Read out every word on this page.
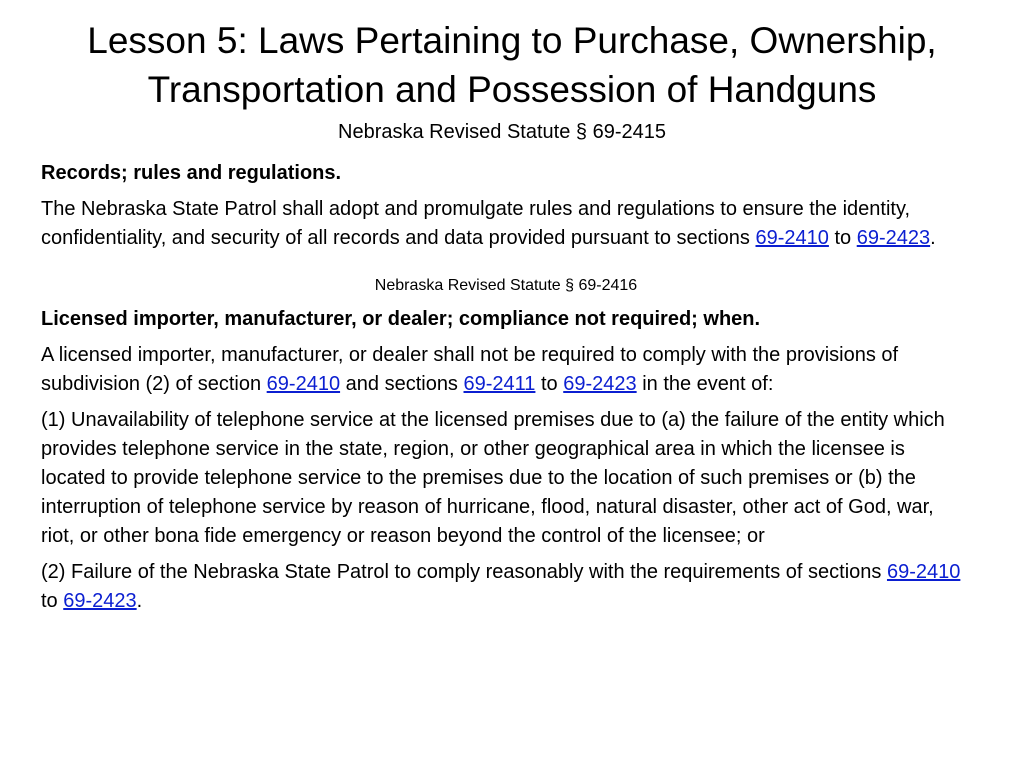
Lesson 5: Laws Pertaining to Purchase, Ownership,
Transportation and Possession of Handguns
Nebraska Revised Statute § 69-2415

Records; rules and regulations.

The Nebraska State Patrol shall adopt and promulgate rules and regulations to ensure the identity, confidentiality, and security of all records and data provided pursuant to sections 69-2410 to 69-2423.

Nebraska Revised Statute § 69-2416

Licensed importer, manufacturer, or dealer; compliance not required; when.

A licensed importer, manufacturer, or dealer shall not be required to comply with the provisions of subdivision (2) of section 69-2410 and sections 69-2411 to 69-2423 in the event of:

(1) Unavailability of telephone service at the licensed premises due to (a) the failure of the entity which provides telephone service in the state, region, or other geographical area in which the licensee is located to provide telephone service to the premises due to the location of such premises or (b) the interruption of telephone service by reason of hurricane, flood, natural disaster, other act of God, war, riot, or other bona fide emergency or reason beyond the control of the licensee; or

(2) Failure of the Nebraska State Patrol to comply reasonably with the requirements of sections 69-2410 to 69-2423.
